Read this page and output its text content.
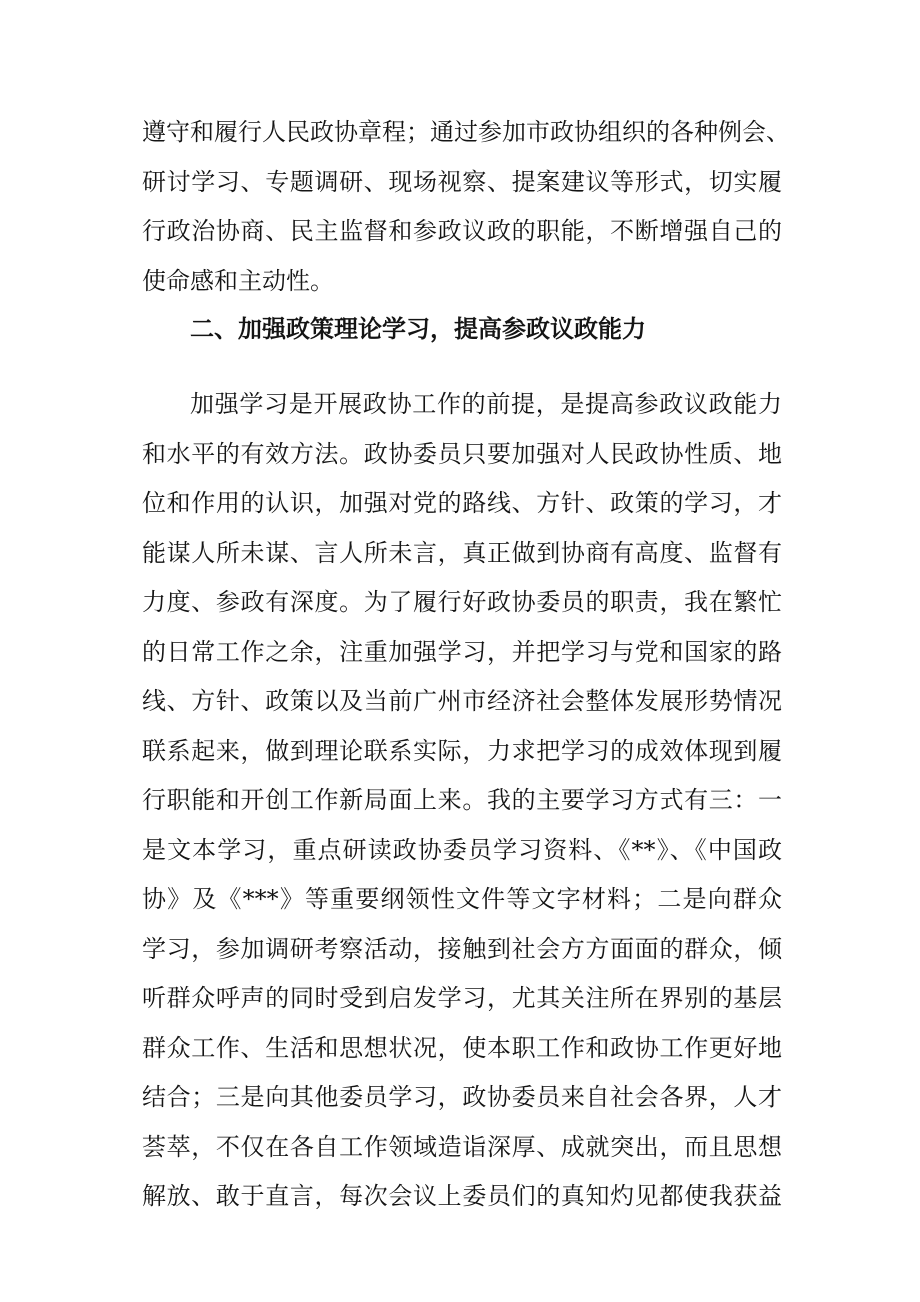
遵守和履行人民政协章程；通过参加市政协组织的各种例会、
研讨学习、专题调研、现场视察、提案建议等形式，切实履
行政治协商、民主监督和参政议政的职能，不断增强自己的
使命感和主动性。
二、加强政策理论学习，提高参政议政能力
加强学习是开展政协工作的前提，是提高参政议政能力
和水平的有效方法。政协委员只要加强对人民政协性质、地
位和作用的认识，加强对党的路线、方针、政策的学习，才
能谋人所未谋、言人所未言，真正做到协商有高度、监督有
力度、参政有深度。为了履行好政协委员的职责，我在繁忙
的日常工作之余，注重加强学习，并把学习与党和国家的路
线、方针、政策以及当前广州市经济社会整体发展形势情况
联系起来，做到理论联系实际，力求把学习的成效体现到履
行职能和开创工作新局面上来。我的主要学习方式有三：一
是文本学习，重点研读政协委员学习资料、《**》、《中国政
协》及《***》等重要纲领性文件等文字材料；二是向群众
学习，参加调研考察活动，接触到社会方方面面的群众，倾
听群众呼声的同时受到启发学习，尤其关注所在界别的基层
群众工作、生活和思想状况，使本职工作和政协工作更好地
结合；三是向其他委员学习，政协委员来自社会各界，人才
荟萃，不仅在各自工作领域造诣深厚、成就突出，而且思想
解放、敢于直言，每次会议上委员们的真知灼见都使我获益
